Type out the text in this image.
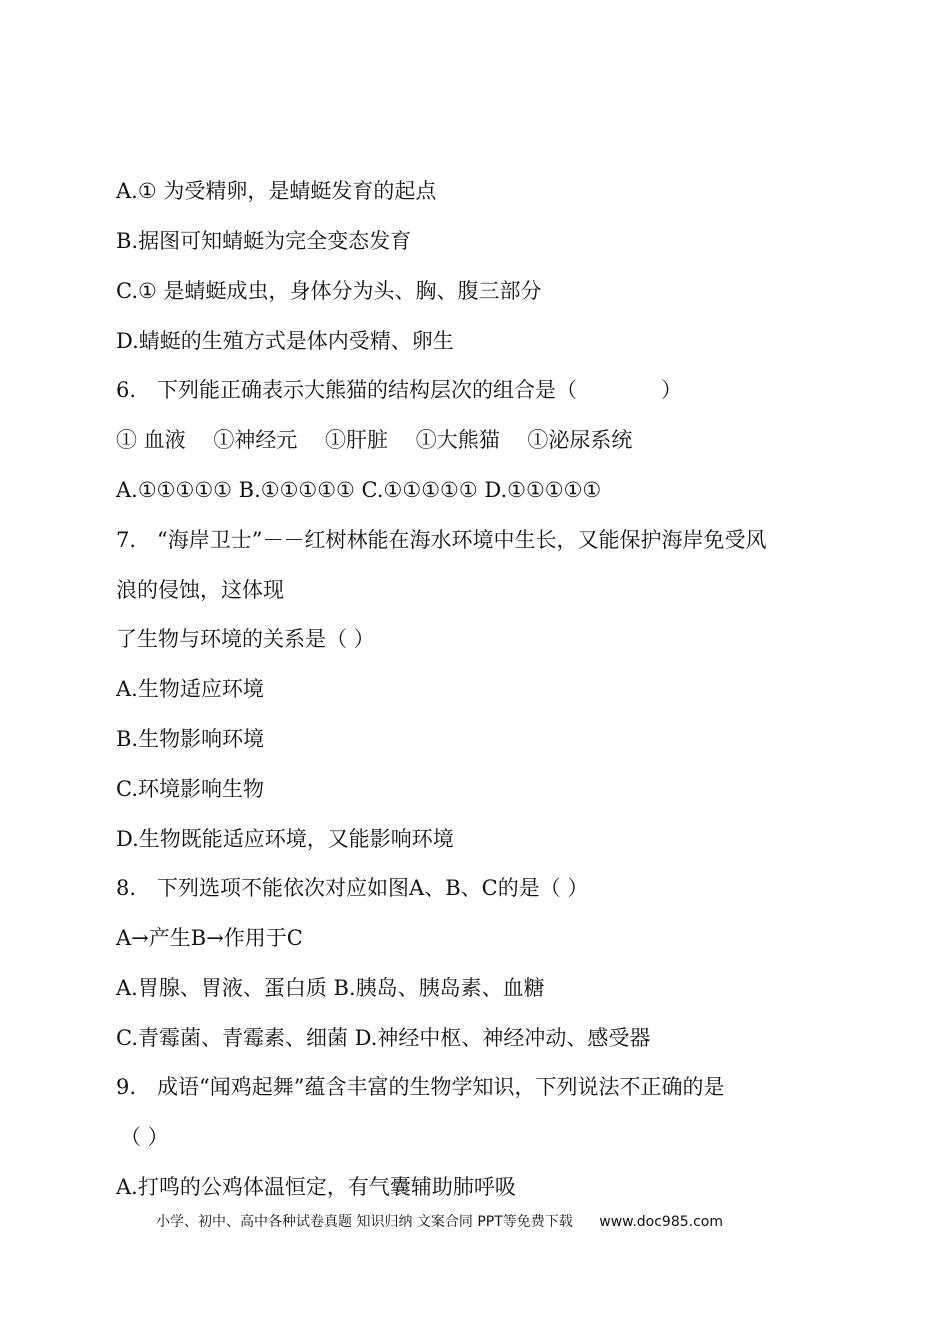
A.① 为受精卵，是蜻蜓发育的起点
B.据图可知蜻蜓为完全变态发育
C.① 是蜻蜓成虫，身体分为头、胸、腹三部分
D.蜻蜓的生殖方式是体内受精、卵生
6.　下列能正确表示大熊猫的结构层次的组合是（　　　　）
① 血液　 ①神经元　 ①肝脏　 ①大熊猫　 ①泌尿系统
A.①①①①① B.①①①①① C.①①①①① D.①①①①①
7.　“海岸卫士”－－红树林能在海水环境中生长，又能保护海岸免受风
浪的侵蚀，这体现
了生物与环境的关系是（ ）
A.生物适应环境
B.生物影响环境
C.环境影响生物
D.生物既能适应环境，又能影响环境
8.　下列选项不能依次对应如图A、B、C的是（ ）
A→产生B→作用于C
A.胃腺、胃液、蛋白质 B.胰岛、胰岛素、血糖
C.青霉菌、青霉素、细菌 D.神经中枢、神经冲动、感受器
9.　成语“闻鸡起舞”蕴含丰富的生物学知识，下列说法不正确的是
（ ）
A.打鸣的公鸡体温恒定，有气囊辅助肺呼吸
小学、初中、高中各种试卷真题 知识归纳 文案合同 PPT等免费下载 www.doc985.com
